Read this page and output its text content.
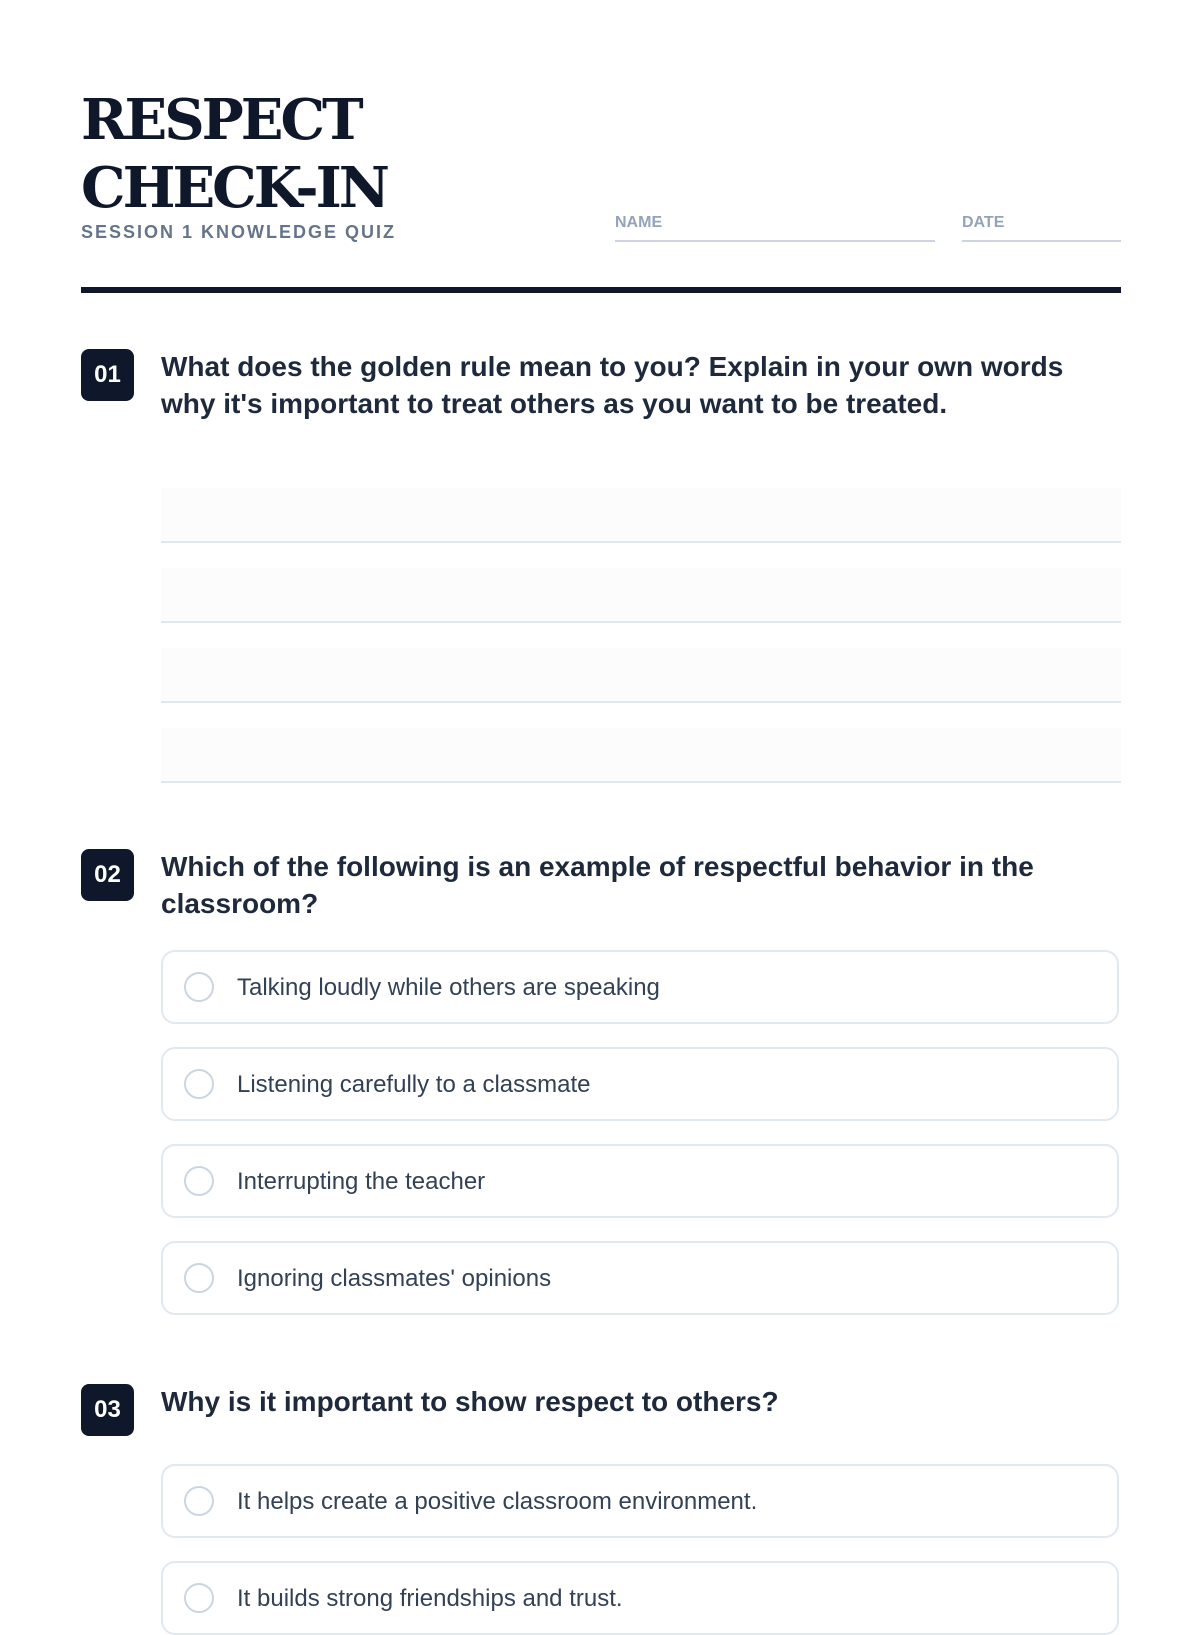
RESPECT CHECK-IN
SESSION 1 KNOWLEDGE QUIZ	NAME	DATE
01	What does the golden rule mean to you? Explain in your own words why it's important to treat others as you want to be treated.

02	Which of the following is an example of respectful behavior in the classroom?

Talking loudly while others are speaking
Listening carefully to a classmate
Interrupting the teacher
Ignoring classmates' opinions
03	Why is it important to show respect to others?

It helps create a positive classroom environment.
It builds strong friendships and trust.
